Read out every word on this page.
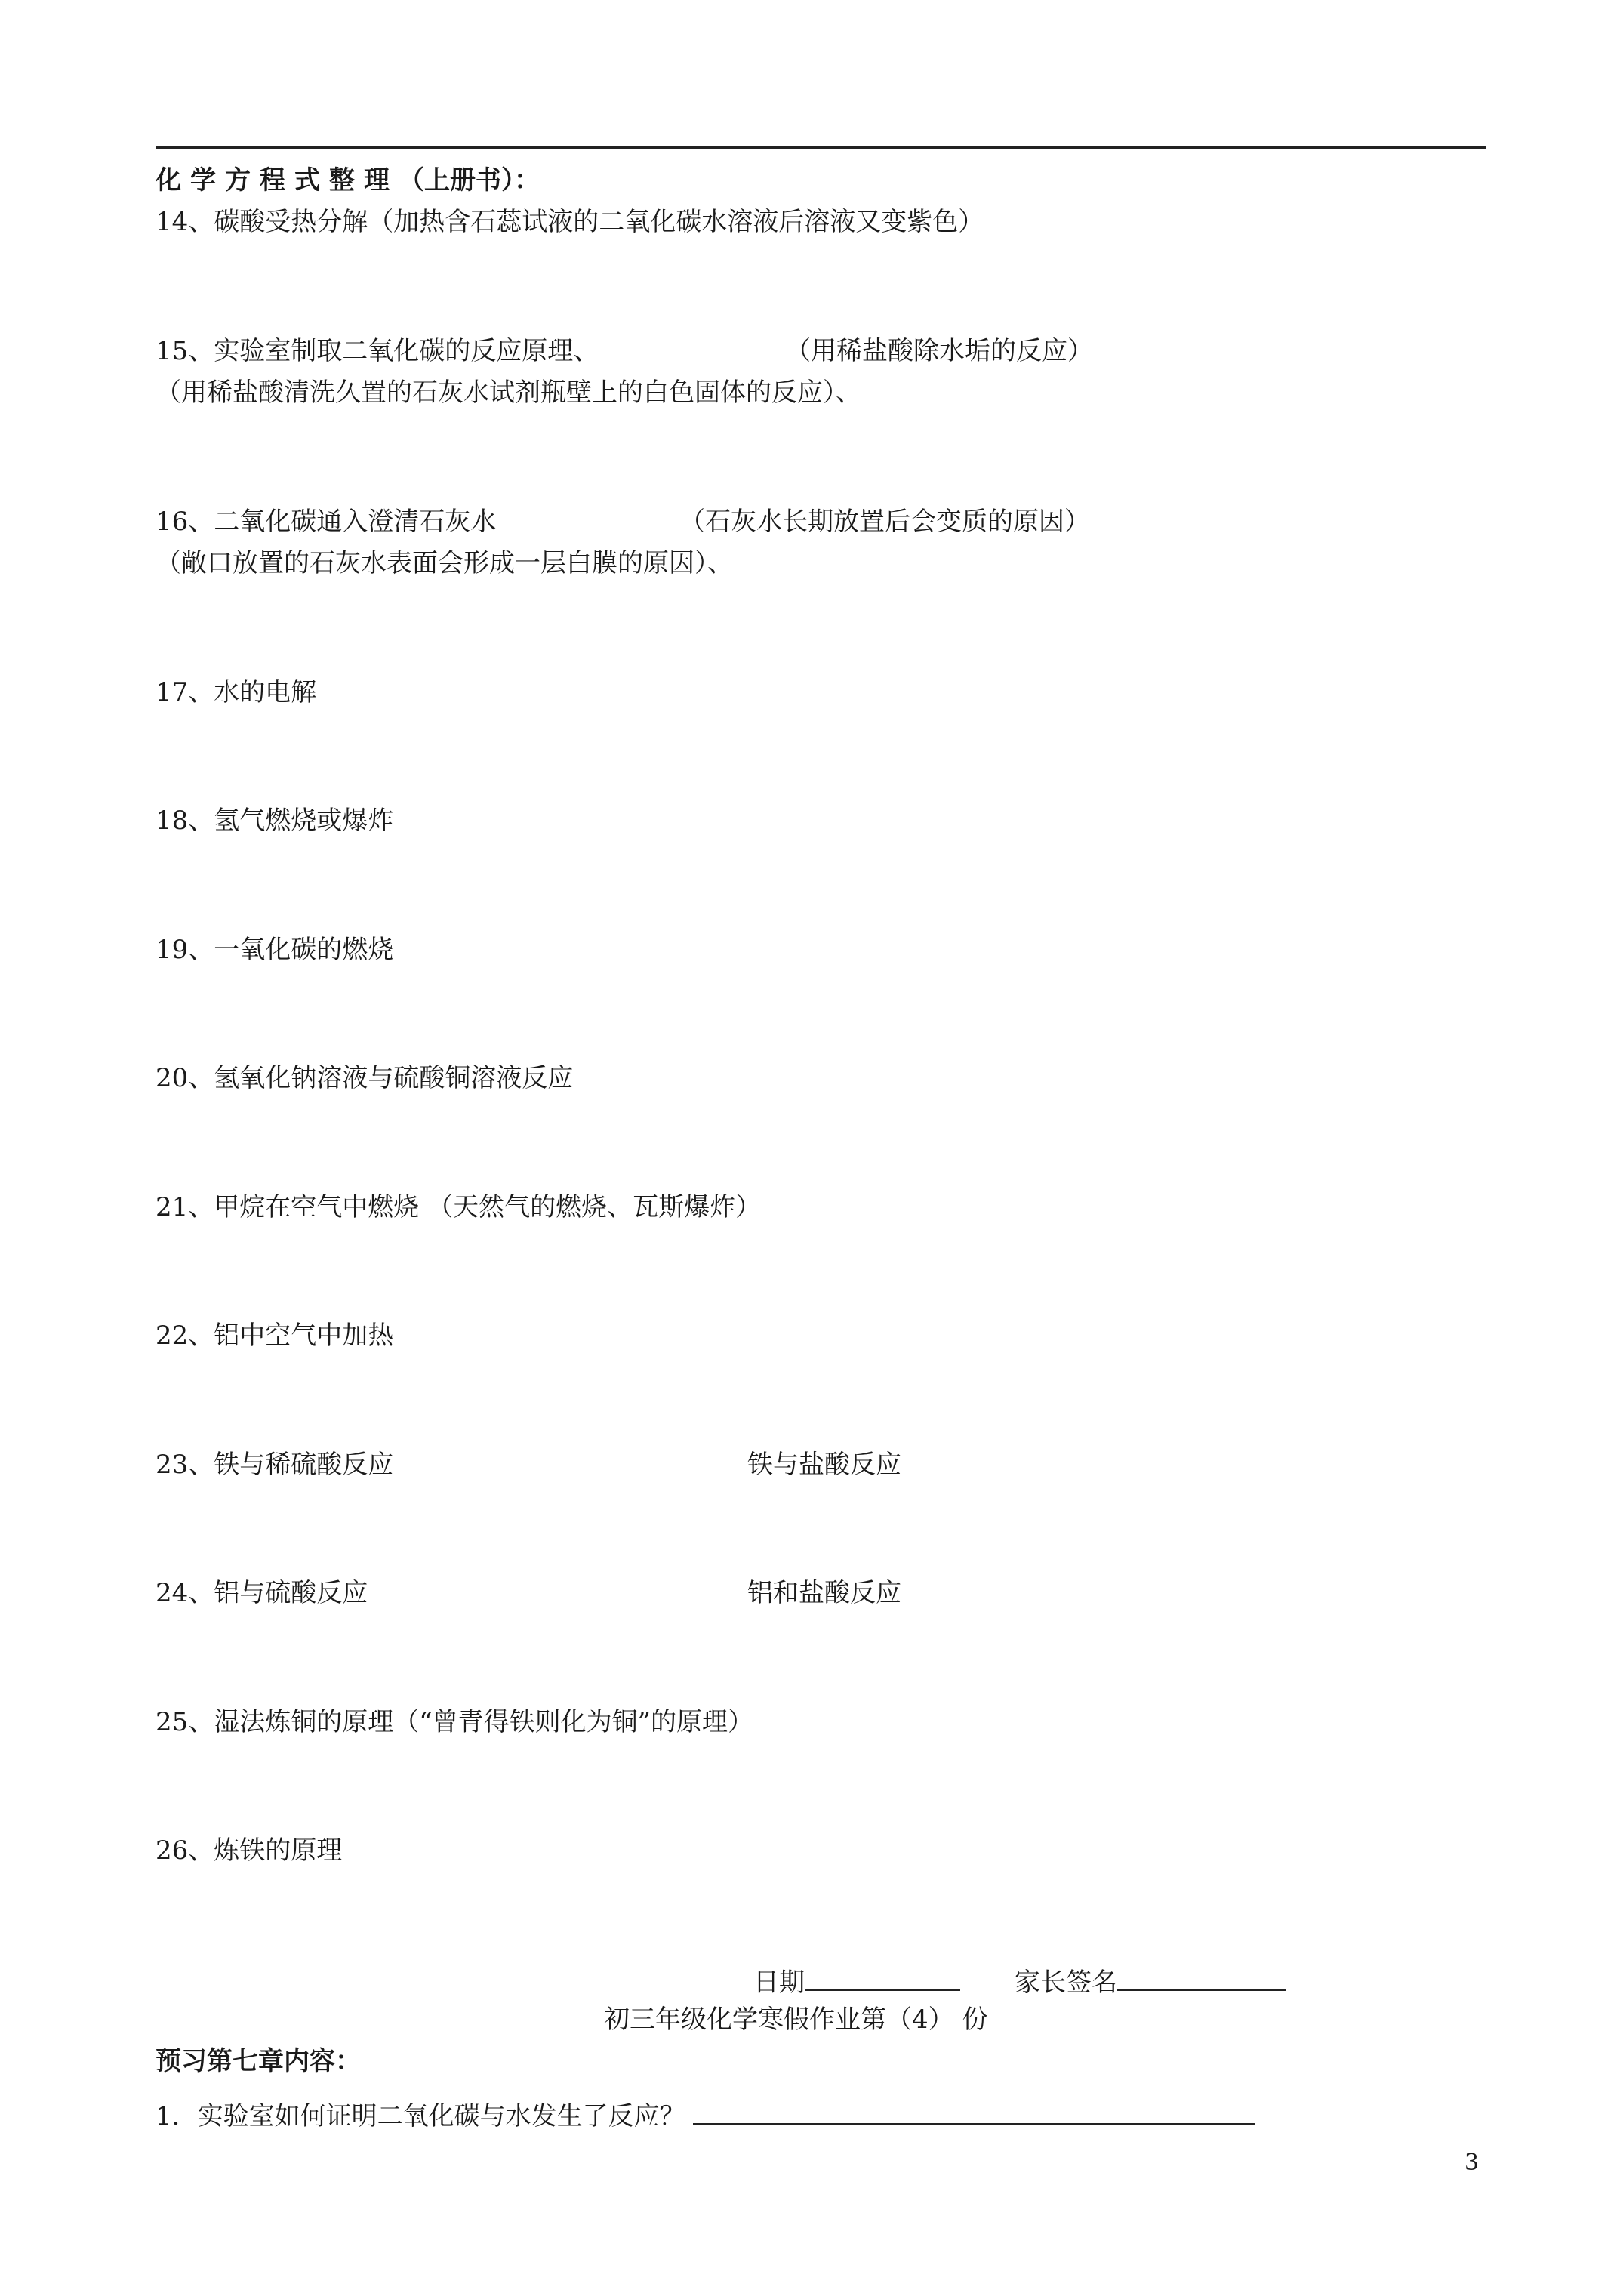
化学方程式整理（上册书）：
14、碳酸受热分解（加热含石蕊试液的二氧化碳水溶液后溶液又变紫色）
15、实验室制取二氧化碳的反应原理、	（用稀盐酸除水垢的反应）
（用稀盐酸清洗久置的石灰水试剂瓶壁上的白色固体的反应）、
16、二氧化碳通入澄清石灰水	（石灰水长期放置后会变质的原因）
（敞口放置的石灰水表面会形成一层白膜的原因）、
17、水的电解
18、氢气燃烧或爆炸
19、一氧化碳的燃烧
20、氢氧化钠溶液与硫酸铜溶液反应
21、甲烷在空气中燃烧 （天然气的燃烧、瓦斯爆炸）
22、铝中空气中加热
23、铁与稀硫酸反应	铁与盐酸反应
24、铝与硫酸反应	铝和盐酸反应
25、湿法炼铜的原理（“曾青得铁则化为铜”的原理）
26、炼铁的原理
日期	家长签名
初三年级化学寒假作业第（4） 份
预习第七章内容：
1．实验室如何证明二氧化碳与水发生了反应？
3
